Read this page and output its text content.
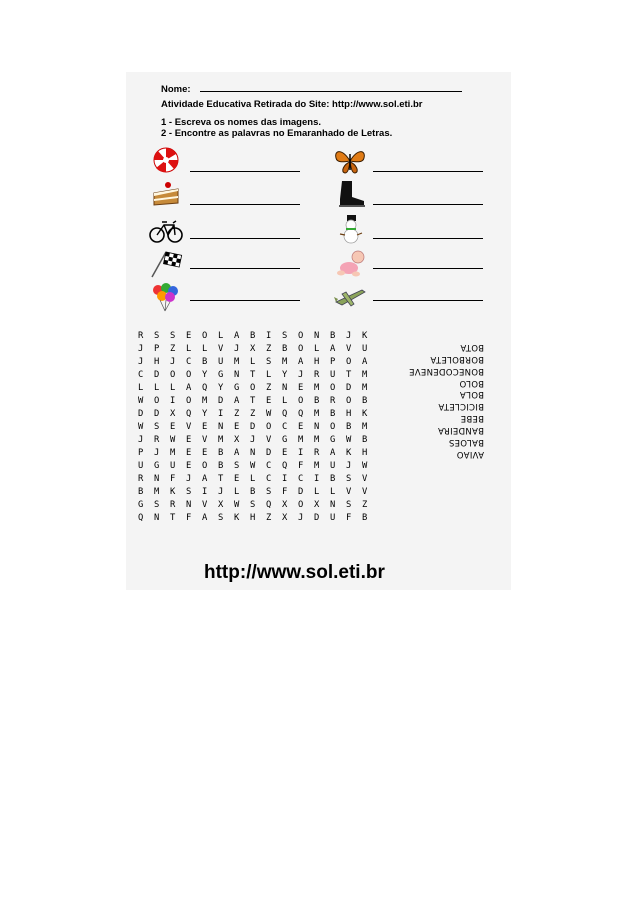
Nome:
Atividade Educativa Retirada do Site: http://www.sol.eti.br
1 - Escreva os nomes das imagens.
2 - Encontre as palavras no Emaranhado de Letras.
R	S	S	E	O	L	A	B	I	S	O	N	B	J	K
J	P	Z	L	L	V	J	X	Z	B	O	L	A	V	U
J	H	J	C	B	U	M	L	S	M	A	H	P	O	A
C	D	O	O	Y	G	N	T	L	Y	J	R	U	T	M
L	L	L	A	Q	Y	G	O	Z	N	E	M	O	D	M
W	O	I	O	M	D	A	T	E	L	O	B	R	O	B
D	D	X	Q	Y	I	Z	Z	W	Q	Q	M	B	H	K
W	S	E	V	E	N	E	D	O	C	E	N	O	B	M
J	R	W	E	V	M	X	J	V	G	M	M	G	W	B
P	J	M	E	E	B	A	N	D	E	I	R	A	K	H
U	G	U	E	O	B	S	W	C	Q	F	M	U	J	W
R	N	F	J	A	T	E	L	C	I	C	I	B	S	V
B	M	K	S	I	J	L	B	S	F	D	L	L	V	V
G	S	R	N	V	X	W	S	Q	X	O	X	N	S	Z
Q	N	T	F	A	S	K	H	Z	X	J	D	U	F	B
AVIAO
BALOES
BANDEIRA
BEBE
BICICLETA
BOLA
BOLO
BONECODENEVE
BORBOLETA
BOTA
http://www.sol.eti.br
